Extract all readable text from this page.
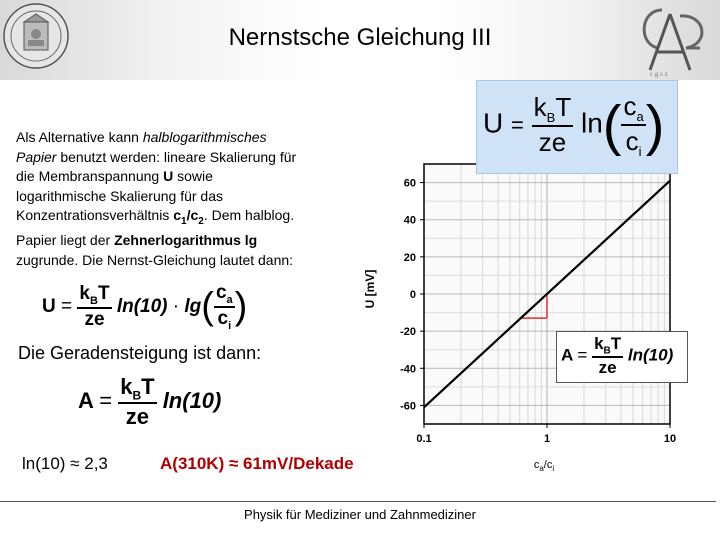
Nernstsche Gleichung III
c g s z
Als Alternative kann halblogarithmisches
Papier benutzt werden: lineare Skalierung für
die Membranspannung U sowie
logarithmische Skalierung für das
Konzentrationsverhältnis $c_1/c_2$. Dem halblog.
Papier liegt der Zehnerlogarithmus lg
zugrunde. Die Nernst-Gleichung lautet dann:
$U = \frac{k_BT}{ze} \ln(10) \cdot \lg( \frac{c_a}{c_i}$ )
Die Geradensteigung ist dann:
$A = \frac{k_BT}{ze} \ln(10)$
ln(10) ≈ 2,3	A(310K) ≈ 61mV/Dekade
60
40
20
0
-20
-40
-60
0.1	1	10
U [mV]
$c_a/c_i$
$U = \frac{k_BT}{ze} \ln( \frac{c_a}{c_i}$ )
$A = \frac{k_BT}{ze} \ln(10)$
Physik für Mediziner und Zahnmediziner
